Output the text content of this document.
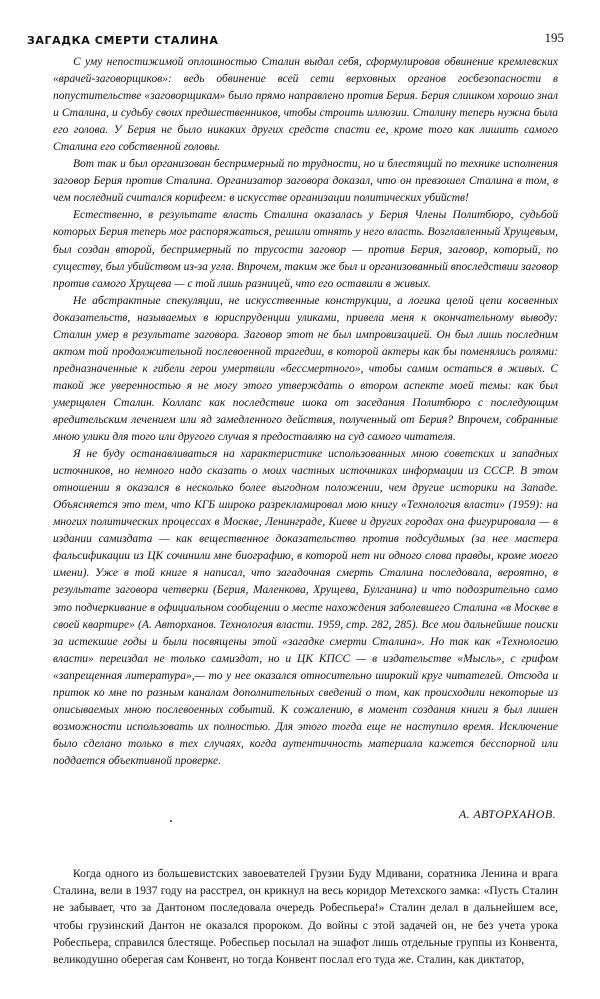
ЗАГАДКА СМЕРТИ СТАЛИНА	195

С уму непостижимой оплошностью Сталин выдал себя, сформулировав обвинение кремлевских «врачей-заговорщиков»: ведь обвинение всей сети верховных органов госбезопасности в попустительстве «заговорщикам» было прямо направлено против Берия. Берия слишком хорошо знал и Сталина, и судьбу своих предшественников, чтобы строить иллюзии. Сталину теперь нужна была его голова. У Берия не было никаких других средств спасти ее, кроме того как лишить самого Сталина его собственной головы.

Вот так и был организован беспримерный по трудности, но и блестящий по технике исполнения заговор Берия против Сталина. Организатор заговора доказал, что он превзошел Сталина в том, в чем последний считался корифеем: в искусстве организации политических убийств!

Естественно, в результате власть Сталина оказалась у Берия Члены Политбюро, судьбой которых Берия теперь мог распоряжаться, решили отнять у него власть. Возглавленный Хрущевым, был создан второй, беспримерный по трусости заговор — против Берия, заговор, который, по существу, был убийством из-за угла. Впрочем, таким же был и организованный впоследствии заговор против самого Хрущева — с той лишь разницей, что его оставили в живых.

Не абстрактные спекуляции, не искусственные конструкции, а логика целой цепи косвенных доказательств, называемых в юриспруденции уликами, привела меня к окончательному выводу: Сталин умер в результате заговора. Заговор этот не был импровизацией. Он был лишь последним актом той продолжительной послевоенной трагедии, в которой актеры как бы поменялись ролями: предназначенные к гибели герои умертвили «бессмертного», чтобы самим остаться в живых. С такой же уверенностью я не могу этого утверждать о втором аспекте моей темы: как был умерщвлен Сталин. Коллапс как последствие шока от заседания Политбюро с последующим вредительским лечением или яд замедленного действия, полученный от Берия? Впрочем, собранные мною улики для того или другого случая я предоставляю на суд самого читателя.

Я не буду останавливаться на характеристике использованных мною советских и западных источников, но немного надо сказать о моих частных источниках информации из СССР. В этом отношении я оказался в несколько более выгодном положении, чем другие историки на Западе. Объясняется это тем, что КГБ широко разрекламировал мою книгу «Технология власти» (1959): на многих политических процессах в Москве, Ленинграде, Киеве и других городах она фигурировала — в издании самиздата — как вещественное доказательство против подсудимых (за нее мастера фальсификации из ЦК сочинили мне биографию, в которой нет ни одного слова правды, кроме моего имени). Уже в той книге я написал, что загадочная смерть Сталина последовала, вероятно, в результате заговора четверки (Берия, Маленкова, Хрущева, Булганина) и что подозрительно само это подчеркивание в официальном сообщении о месте нахождения заболевшего Сталина «в Москве в своей квартире» (А. Авторханов. Технология власти. 1959, стр. 282, 285). Все мои дальнейшие поиски за истекшие годы и были посвящены этой «загадке смерти Сталина». Но так как «Технологию власти» переиздал не только самиздат, но и ЦК КПСС — в издательстве «Мысль», с грифом «запрещенная литература»,— то у нее оказался относительно широкий круг читателей. Отсюда и приток ко мне по разным каналам дополнительных сведений о том, как происходили некоторые из описываемых мною послевоенных событий. К сожалению, в момент создания книги я был лишен возможности использовать их полностью. Для этого тогда еще не наступило время. Исключение было сделано только в тех случаях, когда аутентичность материала кажется бесспорной или поддается объективной проверке.

А. АВТОРХАНОВ.

Когда одного из большевистских завоевателей Грузии Буду Мдивани, соратника Ленина и врага Сталина, вели в 1937 году на расстрел, он крикнул на весь коридор Метехского замка: «Пусть Сталин не забывает, что за Дантоном последовала очередь Робеспьера!» Сталин делал в дальнейшем все, чтобы грузинский Дантон не оказался пророком. До войны с этой задачей он, не без учета урока Робеспьера, справился блестяще. Робеспьер посылал на эшафот лишь отдельные группы из Конвента, великодушно оберегая сам Конвент, но тогда Конвент послал его туда же. Сталин, как диктатор,
